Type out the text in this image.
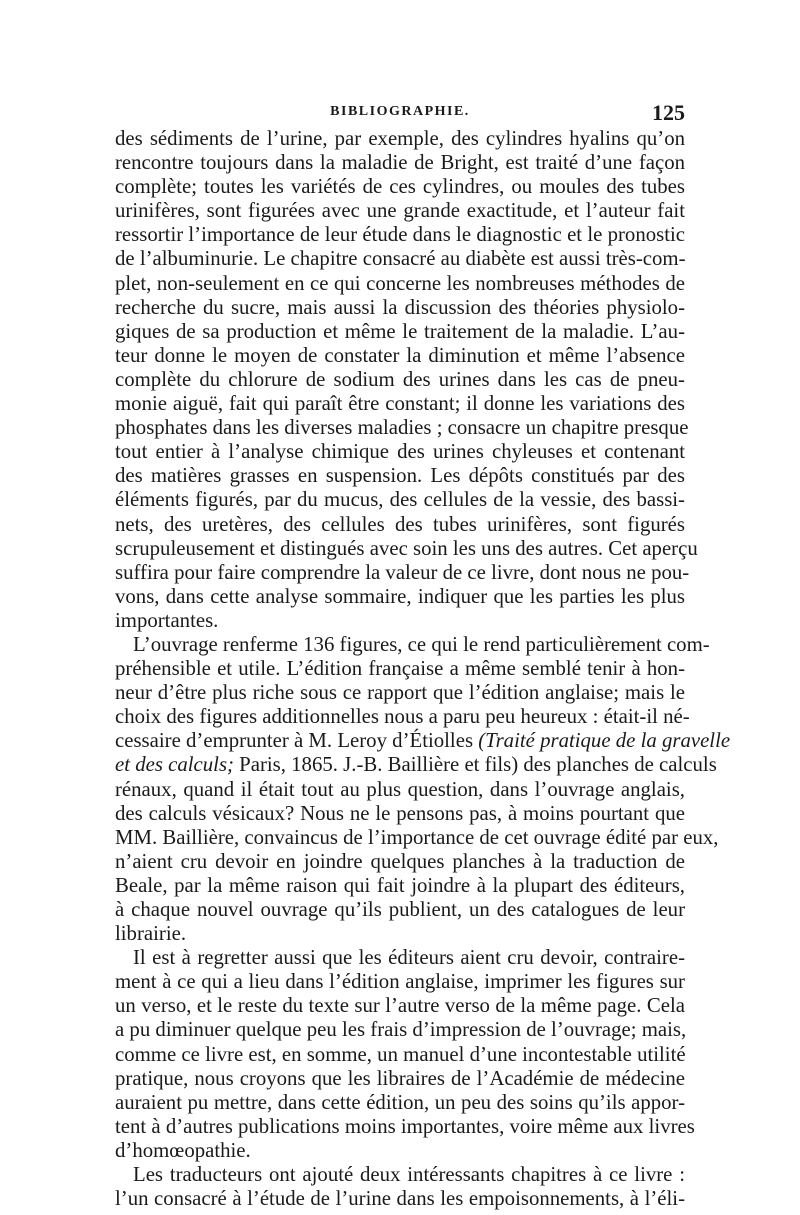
BIBLIOGRAPHIE.	125
des sédiments de l’urine, par exemple, des cylindres hyalins qu’on
rencontre toujours dans la maladie de Bright, est traité d’une façon
complète; toutes les variétés de ces cylindres, ou moules des tubes
urinifères, sont figurées avec une grande exactitude, et l’auteur fait
ressortir l’importance de leur étude dans le diagnostic et le pronostic
de l’albuminurie. Le chapitre consacré au diabète est aussi très-com-
plet, non-seulement en ce qui concerne les nombreuses méthodes de
recherche du sucre, mais aussi la discussion des théories physiolo-
giques de sa production et même le traitement de la maladie. L’au-
teur donne le moyen de constater la diminution et même l’absence
complète du chlorure de sodium des urines dans les cas de pneu-
monie aiguë, fait qui paraît être constant; il donne les variations des
phosphates dans les diverses maladies ; consacre un chapitre presque
tout entier à l’analyse chimique des urines chyleuses et contenant
des matières grasses en suspension. Les dépôts constitués par des
éléments figurés, par du mucus, des cellules de la vessie, des bassi-
nets, des uretères, des cellules des tubes urinifères, sont figurés
scrupuleusement et distingués avec soin les uns des autres. Cet aperçu
suffira pour faire comprendre la valeur de ce livre, dont nous ne pou-
vons, dans cette analyse sommaire, indiquer que les parties les plus
importantes.
L’ouvrage renferme 136 figures, ce qui le rend particulièrement com-
préhensible et utile. L’édition française a même semblé tenir à hon-
neur d’être plus riche sous ce rapport que l’édition anglaise; mais le
choix des figures additionnelles nous a paru peu heureux : était-il né-
cessaire d’emprunter à M. Leroy d’Étiolles (Traité pratique de la gravelle
et des calculs; Paris, 1865. J.-B. Baillière et fils) des planches de calculs
rénaux, quand il était tout au plus question, dans l’ouvrage anglais,
des calculs vésicaux? Nous ne le pensons pas, à moins pourtant que
MM. Baillière, convaincus de l’importance de cet ouvrage édité par eux,
n’aient cru devoir en joindre quelques planches à la traduction de
Beale, par la même raison qui fait joindre à la plupart des éditeurs,
à chaque nouvel ouvrage qu’ils publient, un des catalogues de leur
librairie.
Il est à regretter aussi que les éditeurs aient cru devoir, contraire-
ment à ce qui a lieu dans l’édition anglaise, imprimer les figures sur
un verso, et le reste du texte sur l’autre verso de la même page. Cela
a pu diminuer quelque peu les frais d’impression de l’ouvrage; mais,
comme ce livre est, en somme, un manuel d’une incontestable utilité
pratique, nous croyons que les libraires de l’Académie de médecine
auraient pu mettre, dans cette édition, un peu des soins qu’ils appor-
tent à d’autres publications moins importantes, voire même aux livres
d’homœopathie.
Les traducteurs ont ajouté deux intéressants chapitres à ce livre :
l’un consacré à l’étude de l’urine dans les empoisonnements, à l’éli-
